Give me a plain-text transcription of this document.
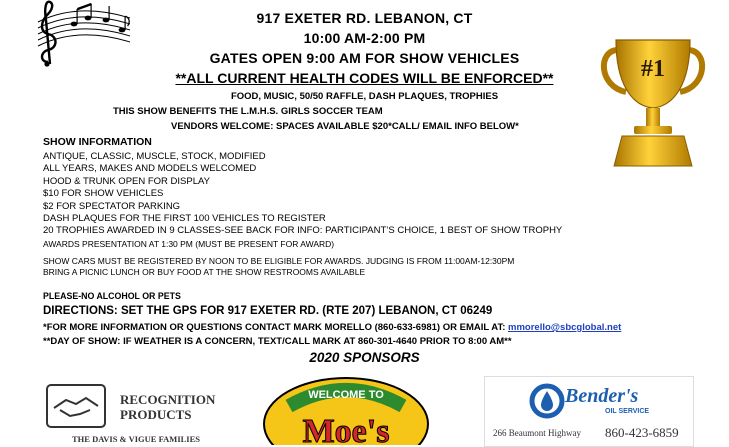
917 EXETER RD. LEBANON, CT
10:00 AM-2:00 PM
GATES OPEN 9:00 AM FOR SHOW VEHICLES
**ALL CURRENT HEALTH CODES WILL BE ENFORCED**
FOOD, MUSIC, 50/50 RAFFLE, DASH PLAQUES, TROPHIES
THIS SHOW BENEFITS THE L.M.H.S. GIRLS SOCCER TEAM
VENDORS WELCOME: SPACES AVAILABLE $20*CALL/ EMAIL INFO BELOW*
#1
SHOW INFORMATION
ANTIQUE, CLASSIC, MUSCLE, STOCK, MODIFIED
ALL YEARS, MAKES AND MODELS WELCOMED
HOOD & TRUNK OPEN FOR DISPLAY
$10 FOR SHOW VEHICLES
$2 FOR SPECTATOR PARKING
DASH PLAQUES FOR THE FIRST 100 VEHICLES TO REGISTER
20 TROPHIES AWARDED IN 9 CLASSES-SEE BACK FOR INFO: PARTICIPANT’S CHOICE, 1 BEST OF SHOW TROPHY
AWARDS PRESENTATION AT 1:30 PM (MUST BE PRESENT FOR AWARD)
SHOW CARS MUST BE REGISTERED BY NOON TO BE ELIGIBLE FOR AWARDS. JUDGING IS FROM 11:00AM-12:30PM
BRING A PICNIC LUNCH OR BUY FOOD AT THE SHOW RESTROOMS AVAILABLE
PLEASE-NO ALCOHOL OR PETS
DIRECTIONS: SET THE GPS FOR 917 EXETER RD. (RTE 207) LEBANON, CT 06249
*FOR MORE INFORMATION OR QUESTIONS CONTACT MARK MORELLO (860-633-6981) OR EMAIL AT: mmorello@sbcglobal.net
**DAY OF SHOW: IF WEATHER IS A CONCERN, TEXT/CALL MARK AT 860-301-4640 PRIOR TO 8:00 AM**
2020 SPONSORS
RECOGNITION
PRODUCTS
THE DAVIS & VIGUE FAMILIES
WELCOME TO
Moe's
Bender's
OIL SERVICE
266 Beaumont Highway 860-423-6859
